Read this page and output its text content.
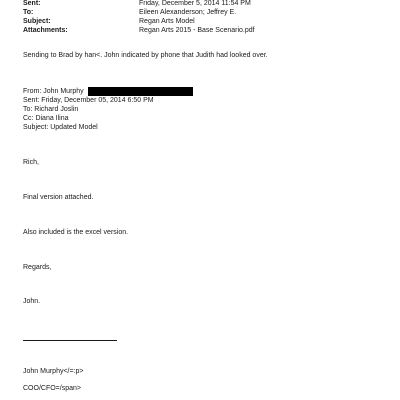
Sent:	Friday, December 5, 2014 11:54 PM
To:	Eileen Alexanderson; Jeffrey E.
Subject:	Regan Arts Model
Attachments:	Regan Arts 2015 - Base Scenario.pdf
Sending to Brad by han<. John indicated by phone that Judith had looked over.
From: John Murphy
Sent: Friday, December 05, 2014 6:50 PM
To: Richard Joslin
Cc: Diana Ilina
Subject: Updated Model
Rich,
Final version attached.
Also included is the excel version.
Regards,
John.
John Murphy</=:p>
COO/CFO=/span>
